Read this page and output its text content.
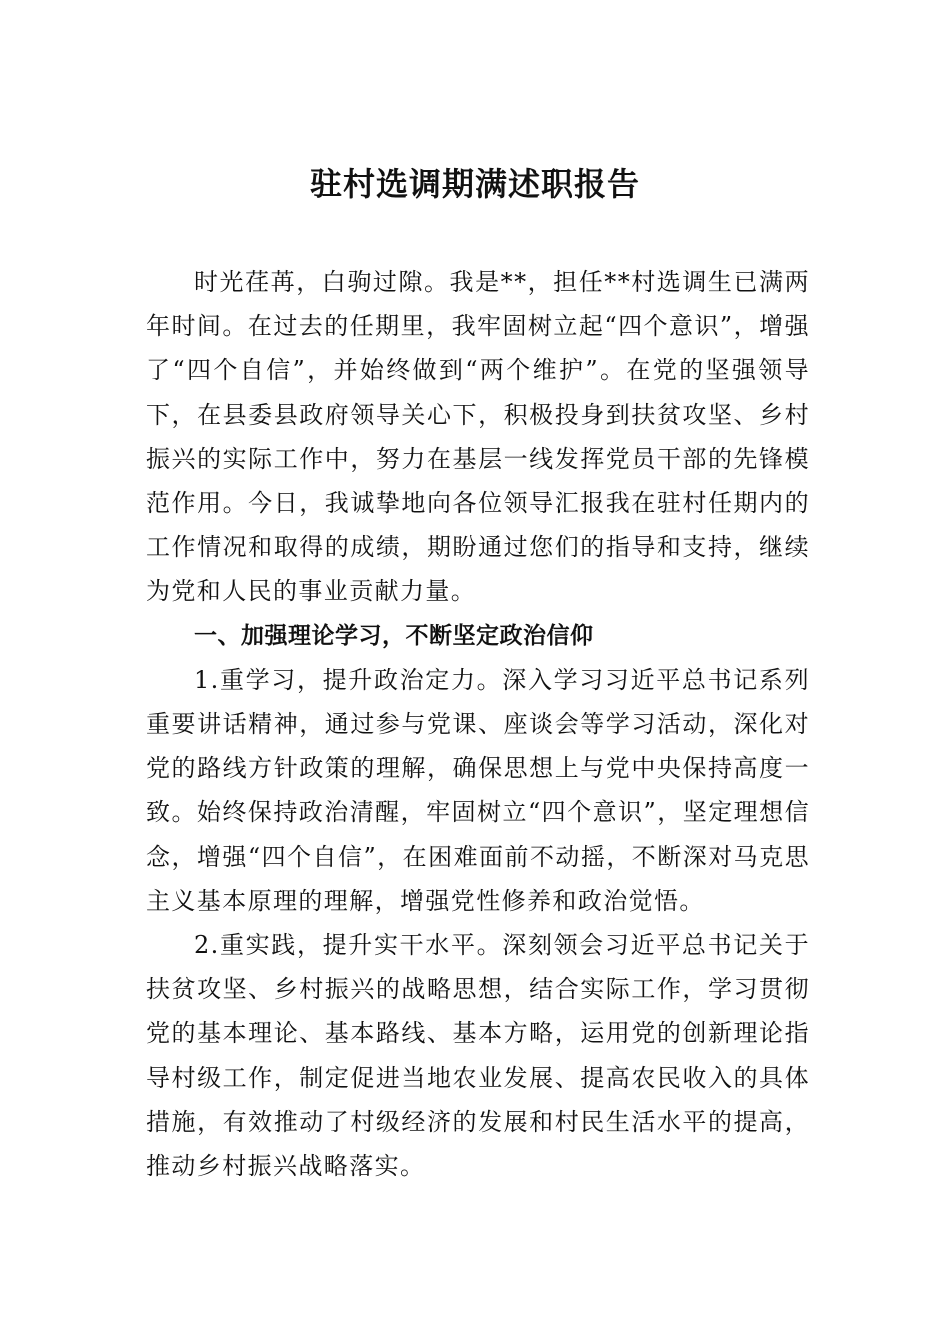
驻村选调期满述职报告

时光荏苒，白驹过隙。我是**，担任**村选调生已满两年时间。在过去的任期里，我牢固树立起“四个意识”，增强了“四个自信”，并始终做到“两个维护”。在党的坚强领导下，在县委县政府领导关心下，积极投身到扶贫攻坚、乡村振兴的实际工作中，努力在基层一线发挥党员干部的先锋模范作用。今日，我诚挚地向各位领导汇报我在驻村任期内的工作情况和取得的成绩，期盼通过您们的指导和支持，继续为党和人民的事业贡献力量。

一、加强理论学习，不断坚定政治信仰

1.重学习，提升政治定力。深入学习习近平总书记系列重要讲话精神，通过参与党课、座谈会等学习活动，深化对党的路线方针政策的理解，确保思想上与党中央保持高度一致。始终保持政治清醒，牢固树立“四个意识”，坚定理想信念，增强“四个自信”，在困难面前不动摇，不断深对马克思主义基本原理的理解，增强党性修养和政治觉悟。

2.重实践，提升实干水平。深刻领会习近平总书记关于扶贫攻坚、乡村振兴的战略思想，结合实际工作，学习贯彻党的基本理论、基本路线、基本方略，运用党的创新理论指导村级工作，制定促进当地农业发展、提高农民收入的具体措施，有效推动了村级经济的发展和村民生活水平的提高，推动乡村振兴战略落实。
